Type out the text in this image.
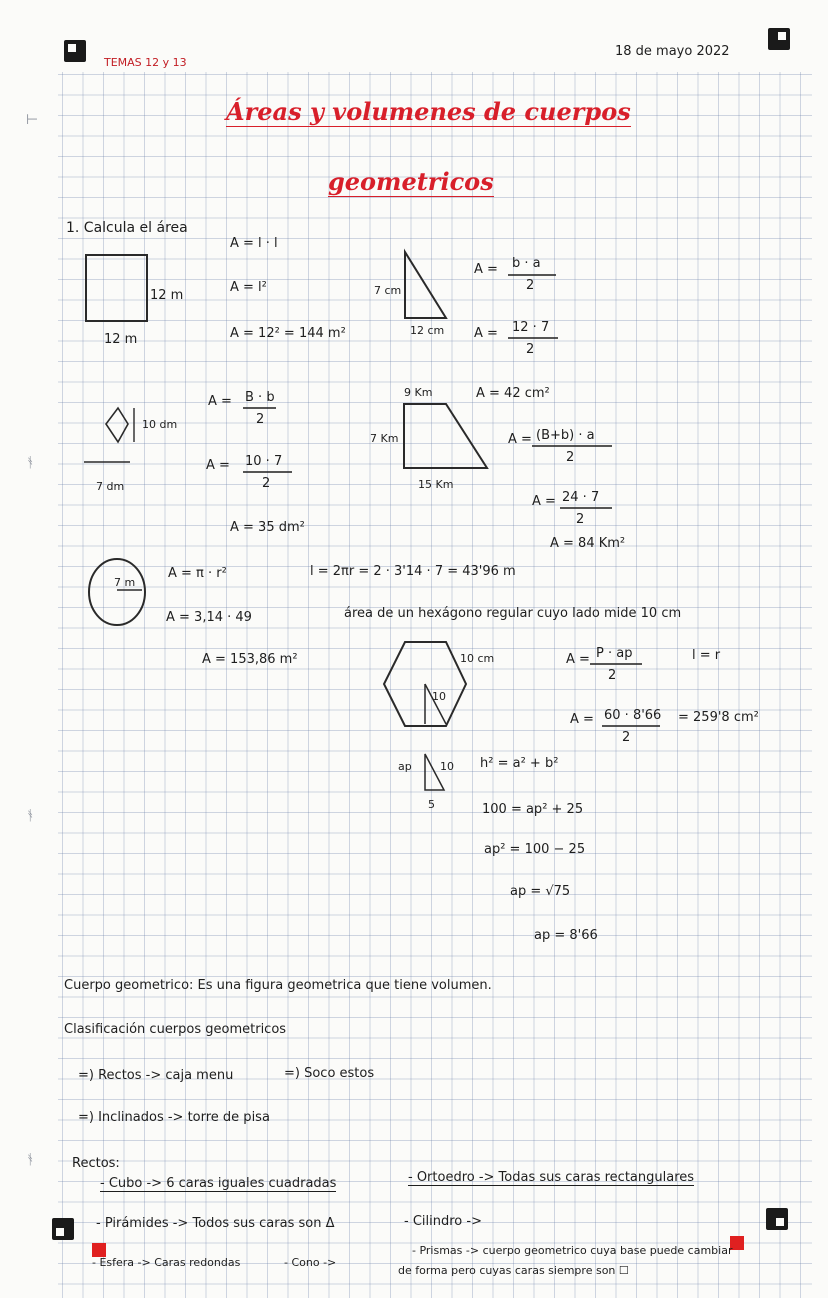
⊢
ᚬ
ᚬ
ᚬ
TEMAS 12 y 13
18 de mayo 2022
Áreas y volumenes de cuerpos
geometricos
1. Calcula el área
12 m
12 m
A = l · l
A = l²
A = 12² = 144 m²
7 cm
12 cm
A = b · a
2
A = 12 · 7
2
A = 42 cm²
10 dm
7 dm
A = B · b
2
A = 10 · 7
2
A = 35 dm²
9 Km
7 Km
15 Km
A = (B+b) · a
2
A = 24 · 7
2
A = 84 Km²
7 m
A = π · r²
A = 3,14 · 49
A = 153,86 m²
l = 2πr = 2 · 3'14 · 7 = 43'96 m
área de un hexágono regular cuyo lado mide 10 cm
10 cm
10
A = P · ap
2
l = r
A = 60 · 8'66
2
= 259'8 cm²
ap	10
5
h² = a² + b²
100 = ap² + 25
ap² = 100 − 25
ap = √75
ap = 8'66
Cuerpo geometrico: Es una figura geometrica que tiene volumen.
Clasificación cuerpos geometricos
=) Rectos -> caja menu	=) Soco estos
=) Inclinados -> torre de pisa
Rectos:
- Cubo -> 6 caras iguales cuadradas	- Ortoedro -> Todas sus caras rectangulares
- Pirámides -> Todos sus caras son Δ	- Cilindro ->
- Esfera -> Caras redondas	- Cono ->
- Prismas -> cuerpo geometrico cuya base puede cambiar
de forma pero cuyas caras siempre son ☐
